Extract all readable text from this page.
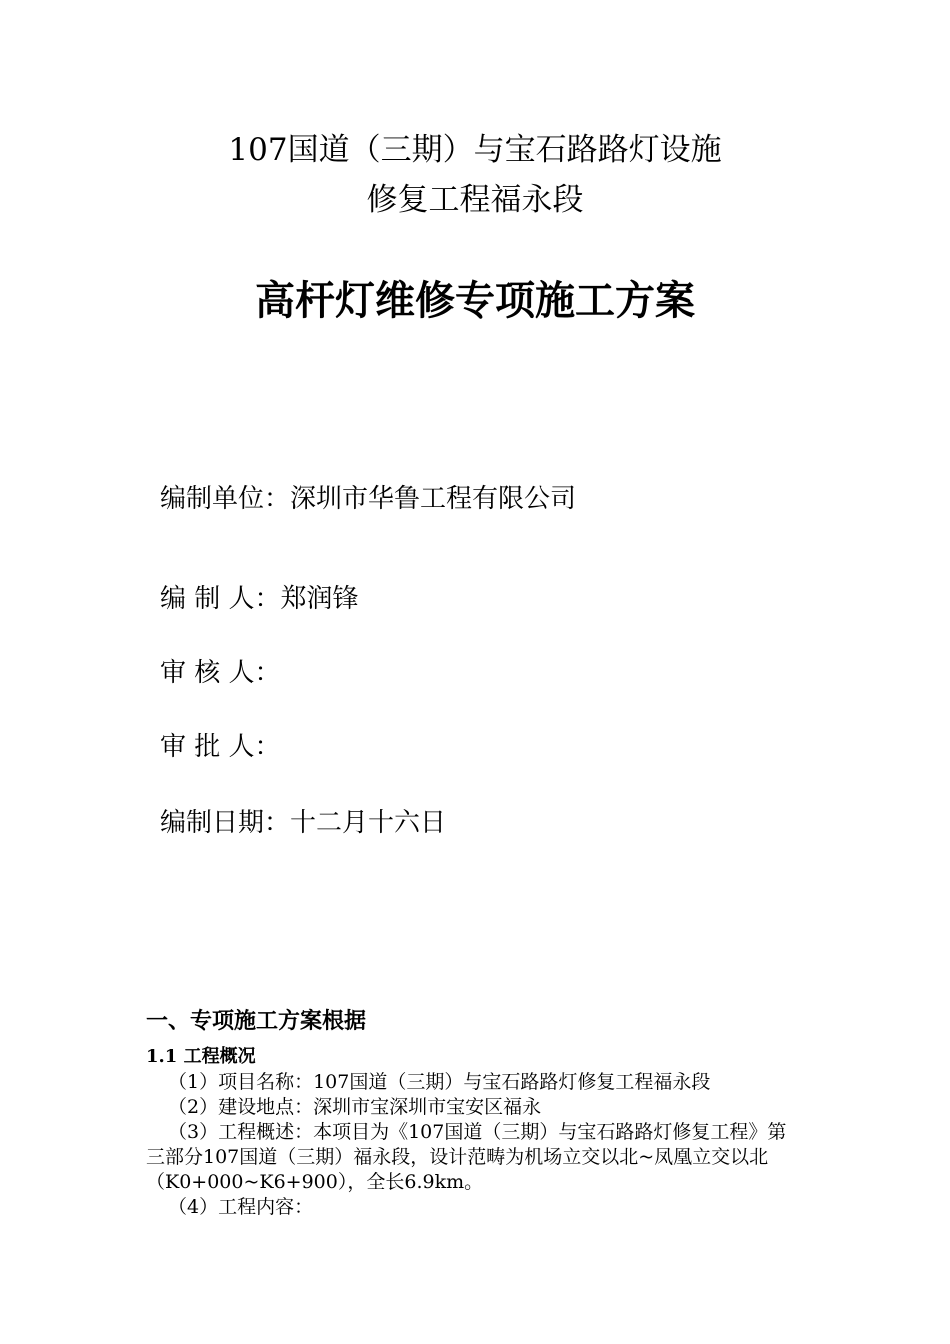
107国道（三期）与宝石路路灯设施
修复工程福永段
高杆灯维修专项施工方案
编制单位：深圳市华鲁工程有限公司
编 制 人：郑润锋
审 核 人：
审 批 人：
编制日期：十二月十六日
一、专项施工方案根据
1.1 工程概况

（1）项目名称：107国道（三期）与宝石路路灯修复工程福永段

（2）建设地点：深圳市宝深圳市宝安区福永

（3）工程概述：本项目为《107国道（三期）与宝石路路灯修复工程》第三部分107国道（三期）福永段，设计范畴为机场立交以北~凤凰立交以北（K0+000~K6+900），全长6.9km。

（4）工程内容：
